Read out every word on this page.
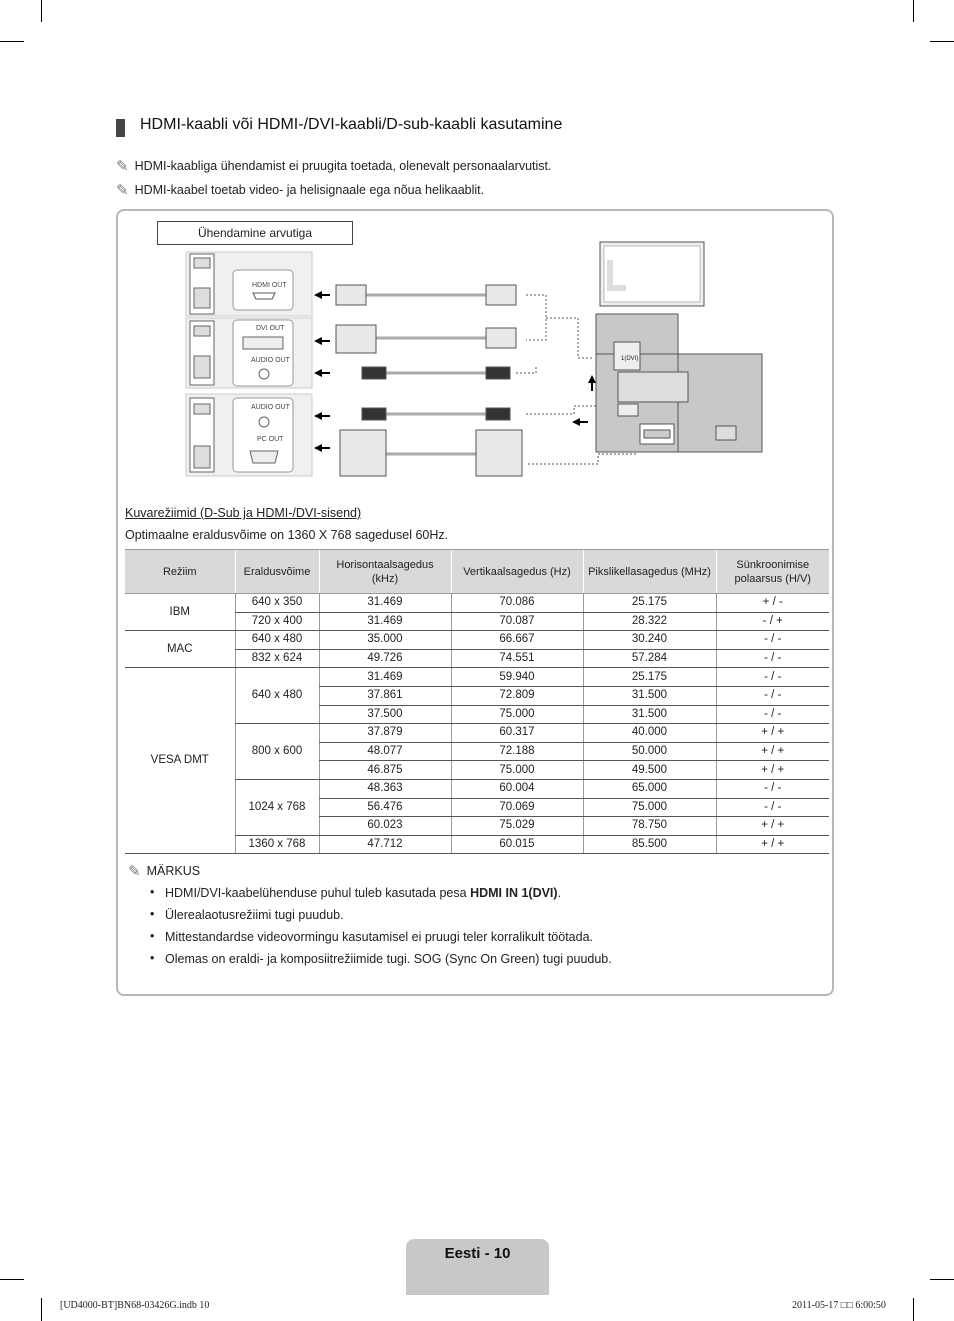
HDMI-kaabli või HDMI-/DVI-kaabli/D-sub-kaabli kasutamine
✎ HDMI-kaabliga ühendamist ei pruugita toetada, olenevalt personaalarvutist.
✎ HDMI-kaabel toetab video- ja helisignaale ega nõua helikaablit.
Ühendamine arvutiga
HDMI OUT
DVI OUT
AUDIO OUT
AUDIO OUT
PC OUT
1(DVI)
Kuvarežiimid (D-Sub ja HDMI-/DVI-sisend)
Optimaalne eraldusvõime on 1360 X 768 sagedusel 60Hz.
Režiim	Eraldusvõime	Horisontaalsagedus (kHz)	Vertikaalsagedus (Hz)	Pikslikellasagedus (MHz)	Sünkroonimise polaarsus (H/V)
IBM	640 x 350	31.469	70.086	25.175	+ / -
	720 x 400	31.469	70.087	28.322	- / +
MAC	640 x 480	35.000	66.667	30.240	- / -
	832 x 624	49.726	74.551	57.284	- / -
VESA DMT	640 x 480	31.469	59.940	25.175	- / -
		37.861	72.809	31.500	- / -
		37.500	75.000	31.500	- / -
	800 x 600	37.879	60.317	40.000	+ / +
		48.077	72.188	50.000	+ / +
		46.875	75.000	49.500	+ / +
	1024 x 768	48.363	60.004	65.000	- / -
		56.476	70.069	75.000	- / -
		60.023	75.029	78.750	+ / +
	1360 x 768	47.712	60.015	85.500	+ / +
✎ MÄRKUS
• HDMI/DVI-kaabelühenduse puhul tuleb kasutada pesa HDMI IN 1(DVI).
• Ülerealaotusrežiimi tugi puudub.
• Mittestandardse videovormingu kasutamisel ei pruugi teler korralikult töötada.
• Olemas on eraldi- ja komposiitrežiimide tugi. SOG (Sync On Green) tugi puudub.
Eesti - 10
[UD4000-BT]BN68-03426G.indb 10	2011-05-17 □□ 6:00:50
